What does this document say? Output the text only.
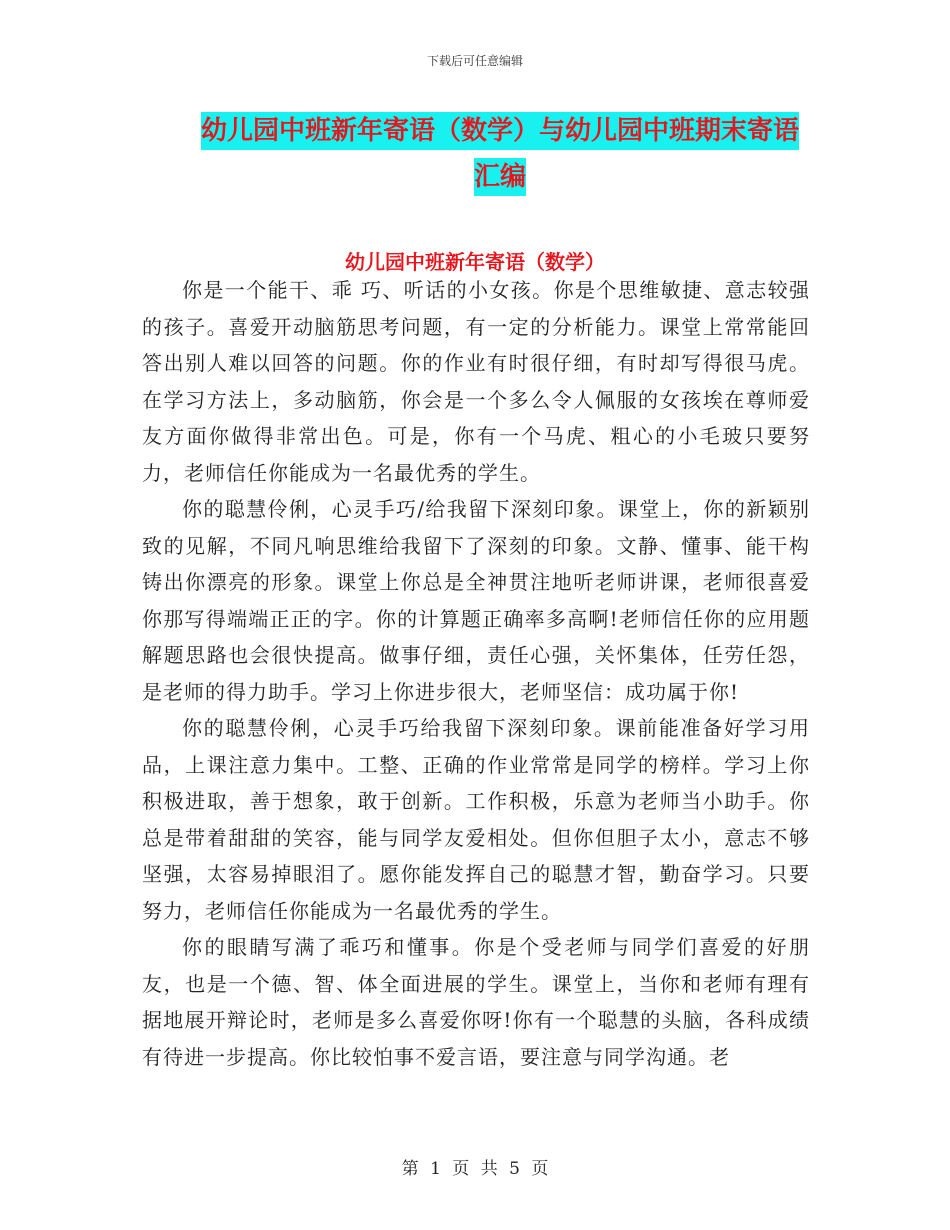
下载后可任意编辑
幼儿园中班新年寄语（数学）与幼儿园中班期末寄语
汇编
幼儿园中班新年寄语（数学）

你是一个能干、乖 巧、听话的小女孩。你是个思维敏捷、意志较强的孩子。喜爱开动脑筋思考问题，有一定的分析能力。课堂上常常能回答出别人难以回答的问题。你的作业有时很仔细，有时却写得很马虎。在学习方法上，多动脑筋，你会是一个多么令人佩服的女孩埃在尊师爱友方面你做得非常出色。可是，你有一个马虎、粗心的小毛玻只要努力，老师信任你能成为一名最优秀的学生。

你的聪慧伶俐，心灵手巧/给我留下深刻印象。课堂上，你的新颖别致的见解，不同凡响思维给我留下了深刻的印象。文静、懂事、能干构铸出你漂亮的形象。课堂上你总是全神贯注地听老师讲课，老师很喜爱你那写得端端正正的字。你的计算题正确率多高啊!老师信任你的应用题解题思路也会很快提高。做事仔细，责任心强，关怀集体，任劳任怨，是老师的得力助手。学习上你进步很大，老师坚信：成功属于你!

你的聪慧伶俐，心灵手巧给我留下深刻印象。课前能准备好学习用品，上课注意力集中。工整、正确的作业常常是同学的榜样。学习上你积极进取，善于想象，敢于创新。工作积极，乐意为老师当小助手。你总是带着甜甜的笑容，能与同学友爱相处。但你但胆子太小，意志不够坚强，太容易掉眼泪了。愿你能发挥自己的聪慧才智，勤奋学习。只要努力，老师信任你能成为一名最优秀的学生。

你的眼睛写满了乖巧和懂事。你是个受老师与同学们喜爱的好朋友，也是一个德、智、体全面进展的学生。课堂上，当你和老师有理有据地展开辩论时，老师是多么喜爱你呀!你有一个聪慧的头脑，各科成绩有待进一步提高。你比较怕事不爱言语，要注意与同学沟通。老

第 1 页 共 5 页
